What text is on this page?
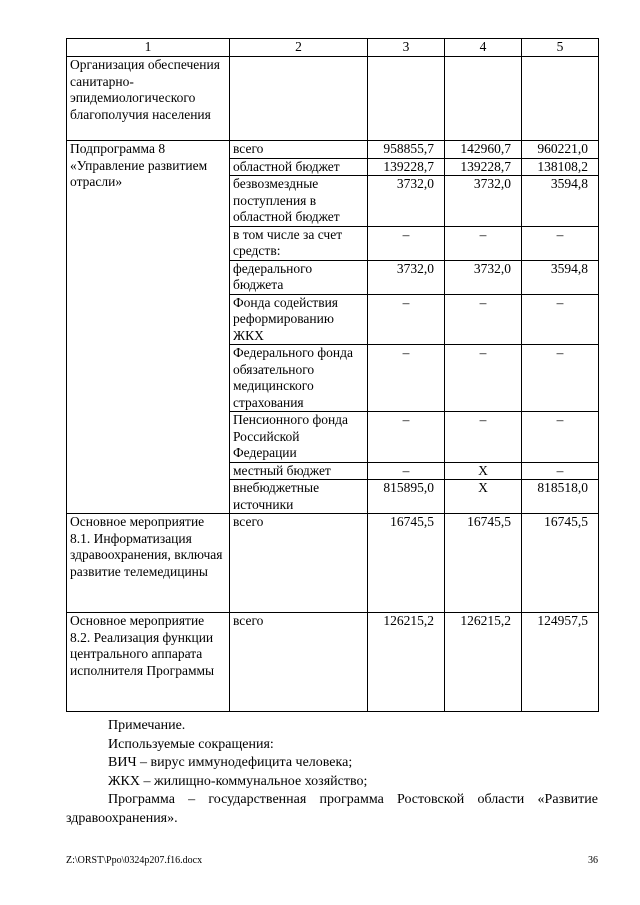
1	2	3	4	5
Организация обеспечения санитарно-эпидемиологического благополучия населения				
Подпрограмма 8 «Управление развитием отрасли»	всего	958855,7	142960,7	960221,0
	областной бюджет	139228,7	139228,7	138108,2
	безвозмездные поступления в областной бюджет	3732,0	3732,0	3594,8
	в том числе за счет средств:	–	–	–
	федерального бюджета	3732,0	3732,0	3594,8
	Фонда содействия реформированию ЖКХ	–	–	–
	Федерального фонда обязательного медицинского страхования	–	–	–
	Пенсионного фонда Российской Федерации	–	–	–
	местный бюджет	–	Х	–
	внебюджетные источники	815895,0	Х	818518,0
Основное мероприятие 8.1. Информатизация здравоохранения, включая развитие телемедицины	всего	16745,5	16745,5	16745,5
Основное мероприятие 8.2. Реализация функции центрального аппарата исполнителя Программы	всего	126215,2	126215,2	124957,5

Примечание.

Используемые сокращения:

ВИЧ – вирус иммунодефицита человека;

ЖКХ – жилищно-коммунальное хозяйство;

Программа – государственная программа Ростовской области «Развитие

здравоохранения».

Z:\ORST\Ppo\0324p207.f16.docx	36
